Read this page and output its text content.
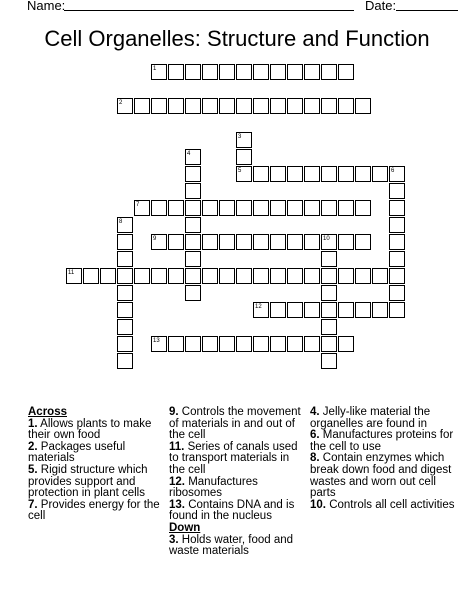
Name:	Date:
Cell Organelles: Structure and Function
1
2
3
5
4
6
7
8
9	10
11
12
13
Across
1. Allows plants to make their own food
2. Packages useful materials
5. Rigid structure which provides support and protection in plant cells
7. Provides energy for the cell
9. Controls the movement of materials in and out of the cell
11. Series of canals used to transport materials in the cell
12. Manufactures ribosomes
13. Contains DNA and is found in the nucleus
Down
3. Holds water, food and waste materials
4. Jelly-like material the organelles are found in
6. Manufactures proteins for the cell to use
8. Contain enzymes which break down food and digest wastes and worn out cell parts
10. Controls all cell activities
